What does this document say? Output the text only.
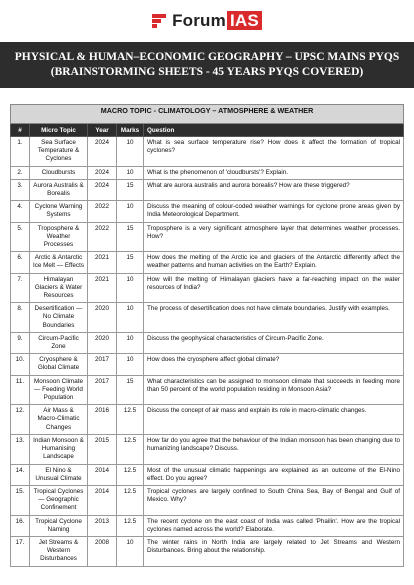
Forum IAS
PHYSICAL & HUMAN–ECONOMIC GEOGRAPHY – UPSC MAINS PYQS
(BRAINSTORMING SHEETS - 45 YEARS PYQS COVERED)
MACRO TOPIC - CLIMATOLOGY – ATMOSPHERE & WEATHER				
#	Micro Topic	Year	Marks	Question
1.	Sea Surface Temperature & Cyclones	2024	10	What is sea surface temperature rise? How does it affect the formation of tropical cyclones?
2.	Cloudbursts	2024	10	What is the phenomenon of 'cloudbursts'? Explain.
3.	Aurora Australis & Borealis	2024	15	What are aurora australis and aurora borealis? How are these triggered?
4.	Cyclone Warning Systems	2022	10	Discuss the meaning of colour-coded weather warnings for cyclone prone areas given by India Meteorological Department.
5.	Troposphere & Weather Processes	2022	15	Troposphere is a very significant atmosphere layer that determines weather processes. How?
6.	Arctic & Antarctic Ice Melt — Effects	2021	15	How does the melting of the Arctic ice and glaciers of the Antarctic differently affect the weather patterns and human activities on the Earth? Explain.
7.	Himalayan Glaciers & Water Resources	2021	10	How will the melting of Himalayan glaciers have a far-reaching impact on the water resources of India?
8.	Desertification — No Climate Boundaries	2020	10	The process of desertification does not have climate boundaries. Justify with examples.
9.	Circum-Pacific Zone	2020	10	Discuss the geophysical characteristics of Circum-Pacific Zone.
10.	Cryosphere & Global Climate	2017	10	How does the cryosphere affect global climate?
11.	Monsoon Climate — Feeding World Population	2017	15	What characteristics can be assigned to monsoon climate that succeeds in feeding more than 50 percent of the world population residing in Monsoon Asia?
12.	Air Mass & Macro-Climatic Changes	2016	12.5	Discuss the concept of air mass and explain its role in macro-climatic changes.
13.	Indian Monsoon & Humanising Landscape	2015	12.5	How far do you agree that the behaviour of the Indian monsoon has been changing due to humanizing landscape? Discuss.
14.	El Nino & Unusual Climate	2014	12.5	Most of the unusual climatic happenings are explained as an outcome of the El-Nino effect. Do you agree?
15.	Tropical Cyclones — Geographic Confinement	2014	12.5	Tropical cyclones are largely confined to South China Sea, Bay of Bengal and Gulf of Mexico. Why?
16.	Tropical Cyclone Naming	2013	12.5	The recent cyclone on the east coast of India was called 'Phailin'. How are the tropical cyclones named across the world? Elaborate.
17.	Jet Streams & Western Disturbances	2008	10	The winter rains in North India are largely related to Jet Streams and Western Disturbances. Bring about the relationship.
